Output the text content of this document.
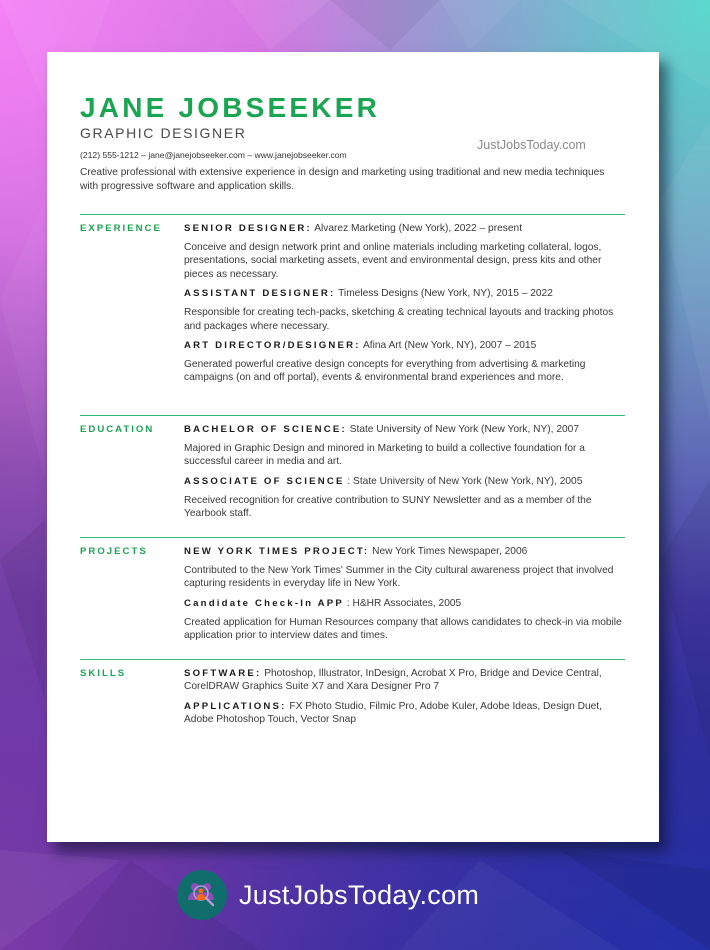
JANE JOBSEEKER
GRAPHIC DESIGNER
(212) 555-1212 – jane@janejobseeker.com – www.janejobseeker.com
JustJobsToday.com
Creative professional with extensive experience in design and marketing using traditional and new media techniques with progressive software and application skills.
EXPERIENCE SENIOR DESIGNER: Alvarez Marketing (New York), 2022 – present
Conceive and design network print and online materials including marketing collateral, logos, presentations, social marketing assets, event and environmental design, press kits and other pieces as necessary.
ASSISTANT DESIGNER: Timeless Designs (New York, NY), 2015 – 2022
Responsible for creating tech-packs, sketching & creating technical layouts and tracking photos and packages where necessary.
ART DIRECTOR/DESIGNER: Afina Art (New York, NY), 2007 – 2015
Generated powerful creative design concepts for everything from advertising & marketing campaigns (on and off portal), events & environmental brand experiences and more.
EDUCATION	BACHELOR OF SCIENCE: State University of New York (New York, NY), 2007
Majored in Graphic Design and minored in Marketing to build a collective foundation for a successful career in media and art.
ASSOCIATE OF SCIENCE : State University of New York (New York, NY), 2005
Received recognition for creative contribution to SUNY Newsletter and as a member of the Yearbook staff.
PROJECTS	NEW YORK TIMES PROJECT: New York Times Newspaper, 2006
Contributed to the New York Times' Summer in the City cultural awareness project that involved capturing residents in everyday life in New York.
Candidate Check-In APP : H&HR Associates, 2005
Created application for Human Resources company that allows candidates to check-in via mobile application prior to interview dates and times.
SKILLS	SOFTWARE: Photoshop, Illustrator, InDesign, Acrobat X Pro, Bridge and Device Central, CorelDRAW Graphics Suite X7 and Xara Designer Pro 7
APPLICATIONS: FX Photo Studio, Filmic Pro, Adobe Kuler, Adobe Ideas, Design Duet, Adobe Photoshop Touch, Vector Snap
JustJobsToday.com
